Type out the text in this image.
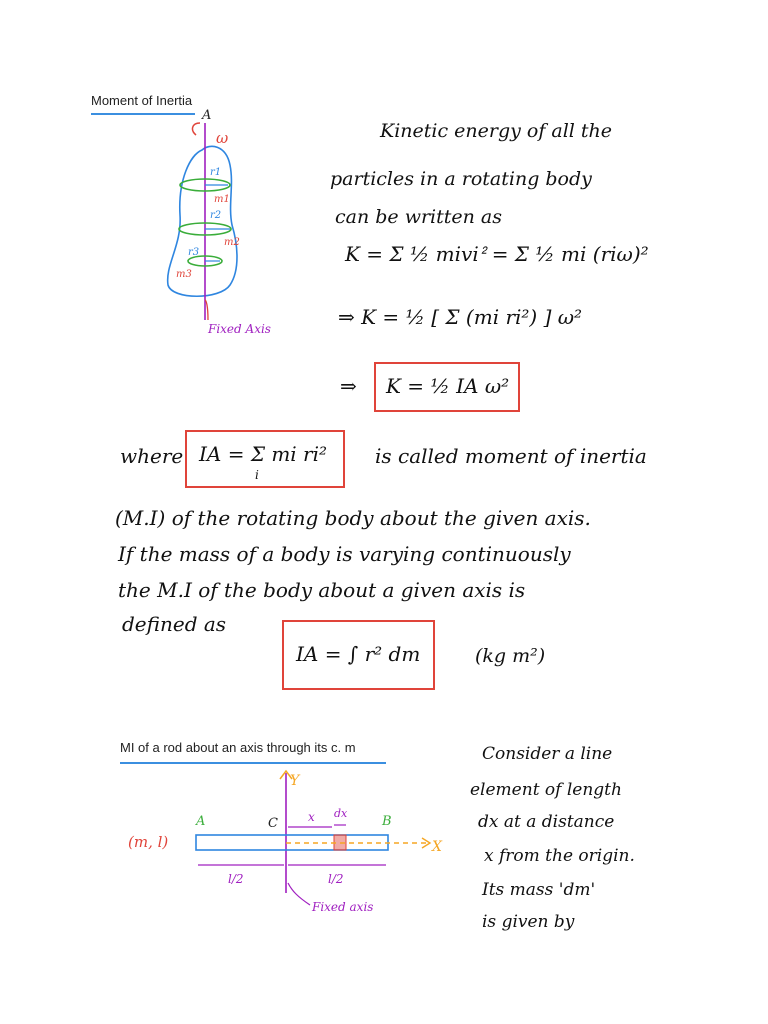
Moment of Inertia
A
ω
r1
m1
r2
m2
r3
m3
Fixed Axis
Kinetic energy of all the
particles in a rotating body
can be written as
K = Σ ½ miviᒾ = Σ ½ mi (riω)²
⇒ K = ½ [ Σ (mi ri²) ] ω²
⇒ K = ½ IA ω²
where IA = Σ mi ri²
i
is called moment of inertia
(M.I) of the rotating body about the given axis.
If the mass of a body is varying continuously
the M.I of the body about a given axis is
defined as
IA = ∫ r² dm	(kg m²)
MI of a rod about an axis through its c. m
Y
X
A	B
C
(m, l)
x dx
l/2	l/2
Fixed axis
Consider a line
element of length
dx at a distance
x from the origin.
Its mass 'dm'
is given by
